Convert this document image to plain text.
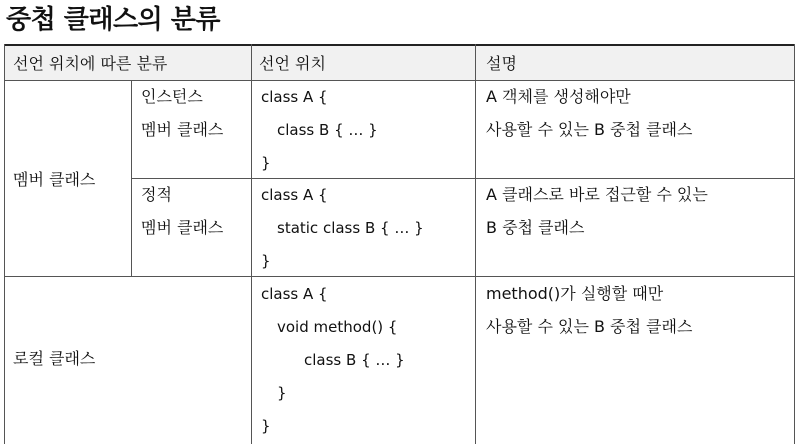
중첩 클래스의 분류
선언 위치에 따른 분류	선언 위치	설명
멤버 클래스
인스턴스
멤버 클래스
class A {
class B { … }
}
A 객체를 생성해야만
사용할 수 있는 B 중첩 클래스
정적
멤버 클래스
class A {
static class B { … }
}
A 클래스로 바로 접근할 수 있는
B 중첩 클래스
로컬 클래스
class A {
void method() {
class B { … }
}
}
method()가 실행할 때만
사용할 수 있는 B 중첩 클래스
